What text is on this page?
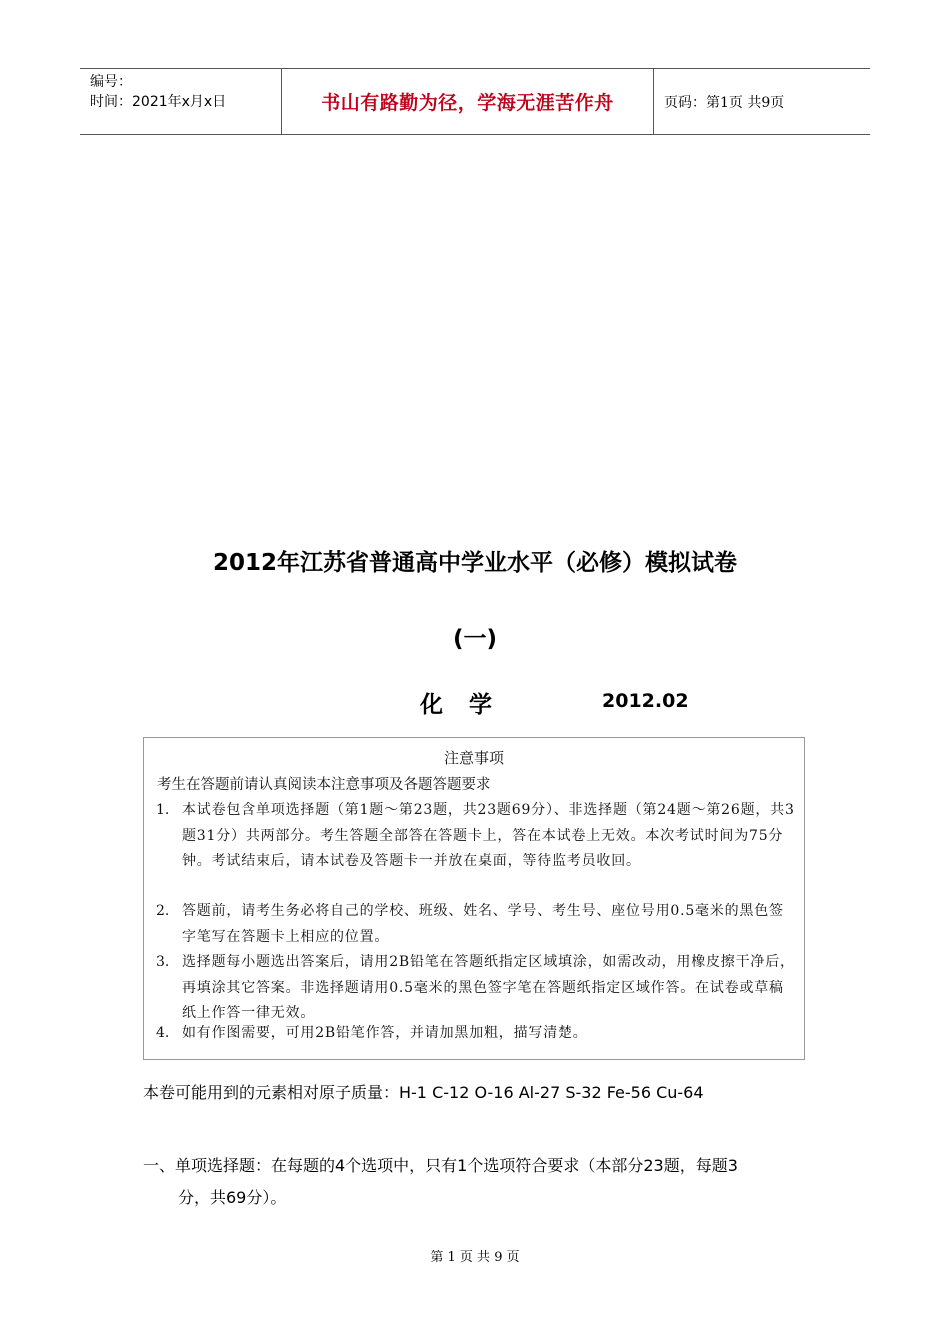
编号：
时间：2021年x月x日	书山有路勤为径，学海无涯苦作舟	页码：第1页 共9页
2012年江苏省普通高中学业水平（必修）模拟试卷
(一)
化学	2012.02
注意事项
考生在答题前请认真阅读本注意事项及各题答题要求
1. 本试卷包含单项选择题（第1题～第23题，共23题69分）、非选择题（第24题～第26题，共3题31分）共两部分。考生答题全部答在答题卡上，答在本试卷上无效。本次考试时间为75分钟。考试结束后，请本试卷及答题卡一并放在桌面，等待监考员收回。
2. 答题前，请考生务必将自己的学校、班级、姓名、学号、考生号、座位号用0.5毫米的黑色签字笔写在答题卡上相应的位置。
3. 选择题每小题选出答案后，请用2B铅笔在答题纸指定区域填涂，如需改动，用橡皮擦干净后，再填涂其它答案。非选择题请用0.5毫米的黑色签字笔在答题纸指定区域作答。在试卷或草稿纸上作答一律无效。
4. 如有作图需要，可用2B铅笔作答，并请加黑加粗，描写清楚。
本卷可能用到的元素相对原子质量：H-1 C-12 O-16 Al-27 S-32 Fe-56 Cu-64
一、单项选择题：在每题的4个选项中，只有1个选项符合要求（本部分23题，每题3
分，共69分）。
第 1 页 共 9 页
